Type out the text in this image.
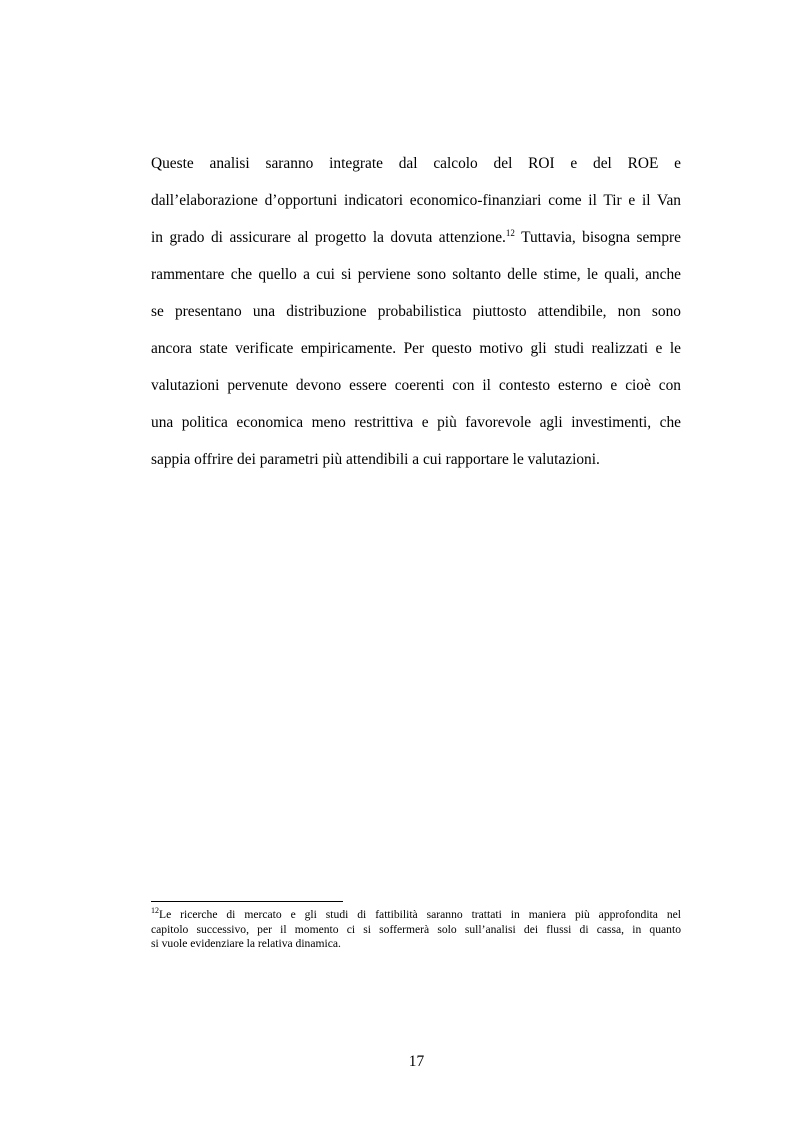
Queste analisi saranno integrate dal calcolo del ROI e del ROE e
dall’elaborazione d’opportuni indicatori economico-finanziari come il Tir e il Van
in grado di assicurare al progetto la dovuta attenzione.$^{12}$ Tuttavia, bisogna sempre
rammentare che quello a cui si perviene sono soltanto delle stime, le quali, anche
se presentano una distribuzione probabilistica piuttosto attendibile, non sono
ancora state verificate empiricamente. Per questo motivo gli studi realizzati e le
valutazioni pervenute devono essere coerenti con il contesto esterno e cioè con
una politica economica meno restrittiva e più favorevole agli investimenti, che
sappia offrire dei parametri più attendibili a cui rapportare le valutazioni.
$^{12}$Le ricerche di mercato e gli studi di fattibilità saranno trattati in maniera più approfondita nel
capitolo successivo, per il momento ci si soffermerà solo sull’analisi dei flussi di cassa, in quanto
si vuole evidenziare la relativa dinamica.
17
